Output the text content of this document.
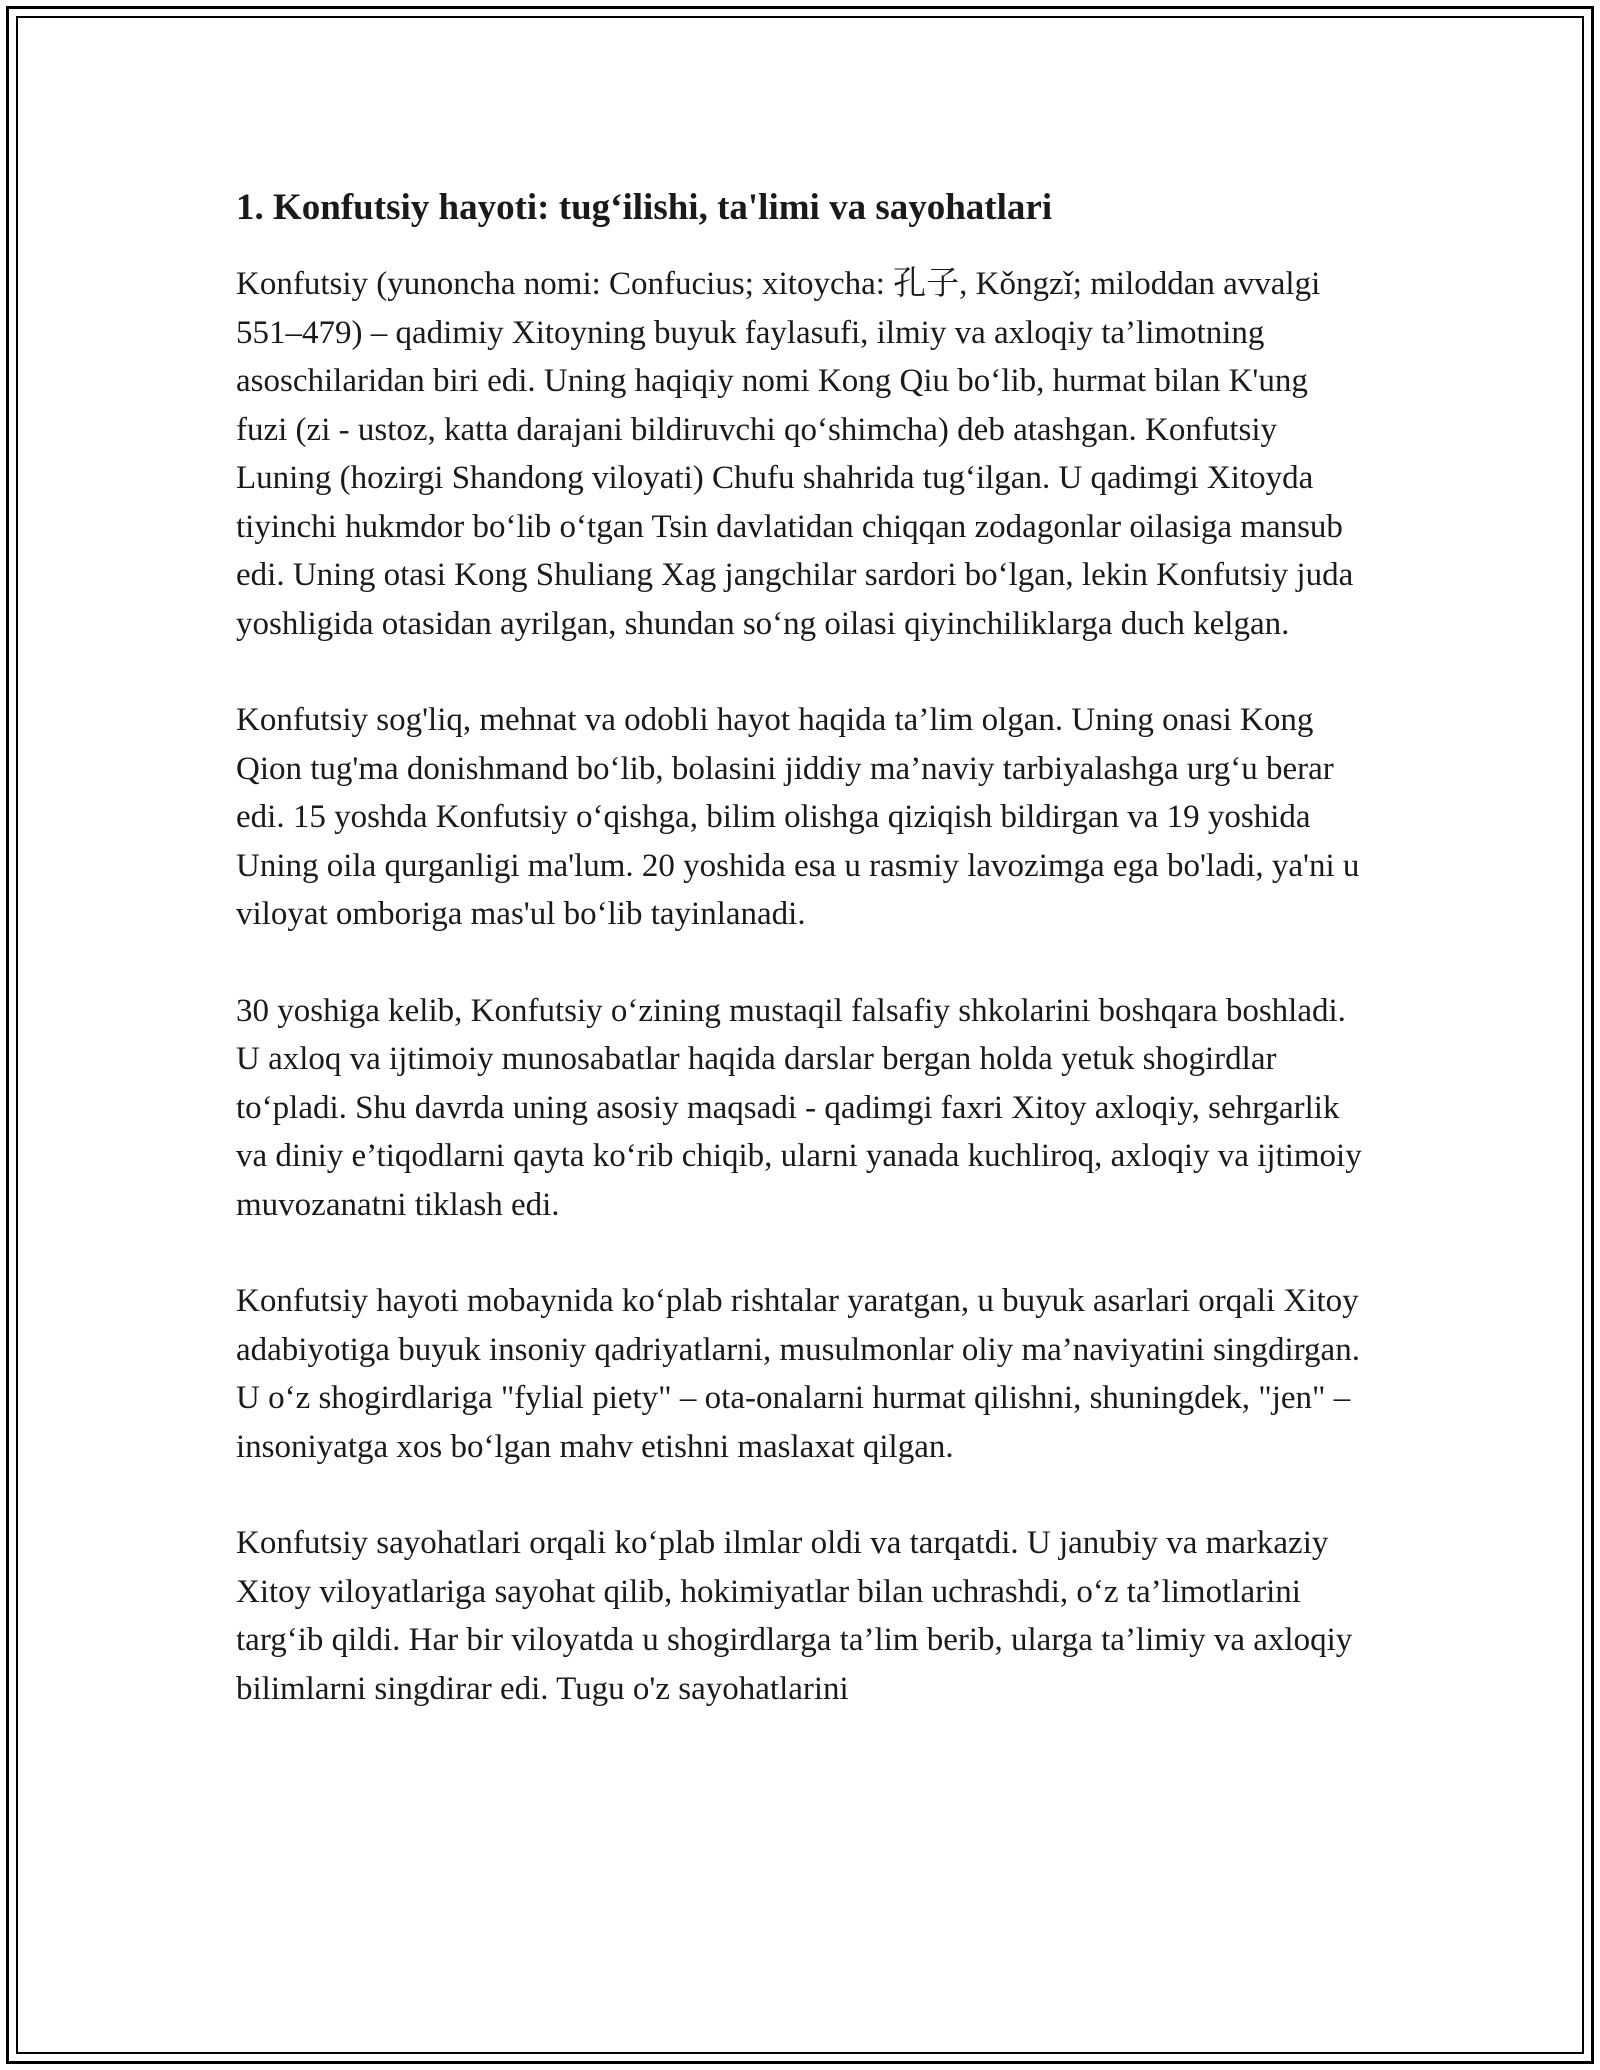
1. Konfutsiy hayoti: tug‘ilishi, ta'limi va sayohatlari

Konfutsiy (yunoncha nomi: Confucius; xitoycha: 孔子, Kǒngzǐ; miloddan avvalgi 551–479) – qadimiy Xitoyning buyuk faylasufi, ilmiy va axloqiy ta’limotning asoschilaridan biri edi. Uning haqiqiy nomi Kong Qiu bo‘lib, hurmat bilan K'ung fuzi (zi - ustoz, katta darajani bildiruvchi qo‘shimcha) deb atashgan. Konfutsiy Luning (hozirgi Shandong viloyati) Chufu shahrida tug‘ilgan. U qadimgi Xitoyda tiyinchi hukmdor bo‘lib o‘tgan Tsin davlatidan chiqqan zodagonlar oilasiga mansub edi. Uning otasi Kong Shuliang Xag jangchilar sardori bo‘lgan, lekin Konfutsiy juda yoshligida otasidan ayrilgan, shundan so‘ng oilasi qiyinchiliklarga duch kelgan.

Konfutsiy sog'liq, mehnat va odobli hayot haqida ta’lim olgan. Uning onasi Kong Qion tug'ma donishmand bo‘lib, bolasini jiddiy ma’naviy tarbiyalashga urg‘u berar edi. 15 yoshda Konfutsiy o‘qishga, bilim olishga qiziqish bildirgan va 19 yoshida Uning oila qurganligi ma'lum. 20 yoshida esa u rasmiy lavozimga ega bo'ladi, ya'ni u viloyat omboriga mas'ul bo‘lib tayinlanadi.

30 yoshiga kelib, Konfutsiy o‘zining mustaqil falsafiy shkolarini boshqara boshladi. U axloq va ijtimoiy munosabatlar haqida darslar bergan holda yetuk shogirdlar to‘pladi. Shu davrda uning asosiy maqsadi - qadimgi faxri Xitoy axloqiy, sehrgarlik va diniy e’tiqodlarni qayta ko‘rib chiqib, ularni yanada kuchliroq, axloqiy va ijtimoiy muvozanatni tiklash edi.

Konfutsiy hayoti mobaynida ko‘plab rishtalar yaratgan, u buyuk asarlari orqali Xitoy adabiyotiga buyuk insoniy qadriyatlarni, musulmonlar oliy ma’naviyatini singdirgan. U o‘z shogirdlariga "fylial piety" – ota-onalarni hurmat qilishni, shuningdek, "jen" – insoniyatga xos bo‘lgan mahv etishni maslaxat qilgan.

Konfutsiy sayohatlari orqali ko‘plab ilmlar oldi va tarqatdi. U janubiy va markaziy Xitoy viloyatlariga sayohat qilib, hokimiyatlar bilan uchrashdi, o‘z ta’limotlarini targ‘ib qildi. Har bir viloyatda u shogirdlarga ta’lim berib, ularga ta’limiy va axloqiy bilimlarni singdirar edi. Tugu o'z sayohatlarini
